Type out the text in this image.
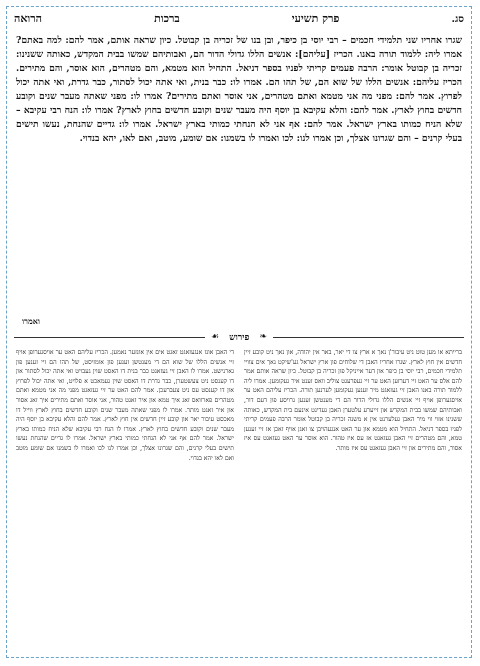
סג.
פרק תשיעי
ברכות
הרואה

שגרו אחריו שני תלמידי חכמים – רבי יוסי בן כיפר, ובן בנו של זכריה בן קבוטל. כיון שראה אותם, אמר להם: למה באתם? אמרו ליה: ללמוד תורה באנו. הכריז [עליהם]: אנשים הללו גדולי הדור הם, ואבותיהם שמשו בבית המקדש, כאותה ששנינו: זכריה בן קבוטל אומר: הרבה פעמים קריתי לפניו בספר דניאל. התחיל הוא מטמא, והם מטהרים, הוא אוסר, והם מתירים. הכריז עליהם: אנשים הללו של שוא הם, של תהו הם. אמרו לו: כבר בנית, ואי אתה יכול לסתור, כבר גדרת, ואי אתה יכול לפרוץ. אמר להם: מפני מה אני מטמא ואתם מטהרים, אני אוסר ואתם מתירים? אמרו לו: מפני שאתה מעבר שנים וקובע חדשים בחוץ לארץ. אמר להם: והלא עקיבא בן יוסף היה מעבר שנים וקובע חדשים בחוץ לארץ? אמרו לו: הנח רבי עקיבא – שלא הניח כמותו בארץ ישראל. אמר להם: אף אני לא הנחתי כמותי בארץ ישראל. אמרו לו: גדיים שהנחת, נעשו תישים בעלי קרנים – והם שגרונו אצלך, וכן אמרו לנו: לכו ואמרו לו בשמנו: אם שומע, מוטב, ואם לאו, יהא בנדוי.

ואמרו
❧
פירוש
☙

ברייתא או מען טוט ניט עיבור'ן נאך א ארץ צו די יאר, באר אין יהודה, און נאך ניט קובע זיין חדשים אין חוץ לארץ. שגרו אחריו האבן די שלוחים פון ארץ ישראל גע'שיקט נאך אים צוויי תלמידי חכמים, רבי יוסי בן כיפר און דער אייניקל פון זכריה בן קבוטל. כיון שראה אותם אמר להם אלס ער האט זיי דערזען האט ער זיי געפרעגט צוליב וואס זענט איר געקומען. אמרו ליה ללמוד תורה באנו האבן זיי געזאגט מיר זענען געקומען לערנען תורה. הכריז עליהם האט ער אויסגערופן אויף זיי אנשים הללו גדולי הדור הם די מענטשן זענען גרויסע פון דעם דור, ואבותיהם שמשו בבית המקדש און זייערע עלטערן האבן געדינט אינעם בית המקדש, כאותה ששנינו אזוי ווי מיר האבן געלערנט אין א משנה זכריה בן קבוטל אומר הרבה פעמים קריתי לפניו בספר דניאל. התחיל הוא מטמא און ער האט אנגעהויבן צו זאגן אויף זאכן אז זיי זענען טמא, והם מטהרים זיי האבן געזאגט אז עס איז טהור. הוא אוסר ער האט געזאגט עס איז אסור, והם מתירים און זיי האבן געזאגט עס איז מותר.

די האבן אונז אנגעזאגט זאגט אים אין אונזער נאמען. הכריז עליהם האט ער אויסגערופן אויף זיי אנשים הללו של שוא הם די מענטשן זענען פון אומזיסט, של תהו הם זיי זענען פון גארנישט. אמרו לו האבן זיי געזאגט כבר בנית דו האסט שוין געבויט ואי אתה יכול לסתור און דו קענסט ניט צעשטערן, כבר גדרת דו האסט שוין געמאכט א פלויט, ואי אתה יכול לפרוץ און דו קענסט עס ניט צעברעכן. אמר להם האט ער זיי געזאגט מפני מה אני מטמא ואתם מטהרים פארוואס זאג איך טמא און איר זאגט טהור, אני אוסר ואתם מתירים איך זאג אסור און איר זאגט מותר. אמרו לו מפני שאתה מעבר שנים וקובע חדשים בחוץ לארץ ווייל דו מאכסט עיבור יאר און קובע זיין חדשים אין חוץ לארץ. אמר להם והלא עקיבא בן יוסף היה מעבר שנים וקובע חדשים בחוץ לארץ. אמרו לו הנח רבי עקיבא שלא הניח כמותו בארץ ישראל. אמר להם אף אני לא הנחתי כמותי בארץ ישראל. אמרו לו גדיים שהנחת נעשו תישים בעלי קרנים, והם שגרונו אצלך, וכן אמרו לנו לכו ואמרו לו בשמנו אם שומע מוטב ואם לאו יהא בנדוי.
